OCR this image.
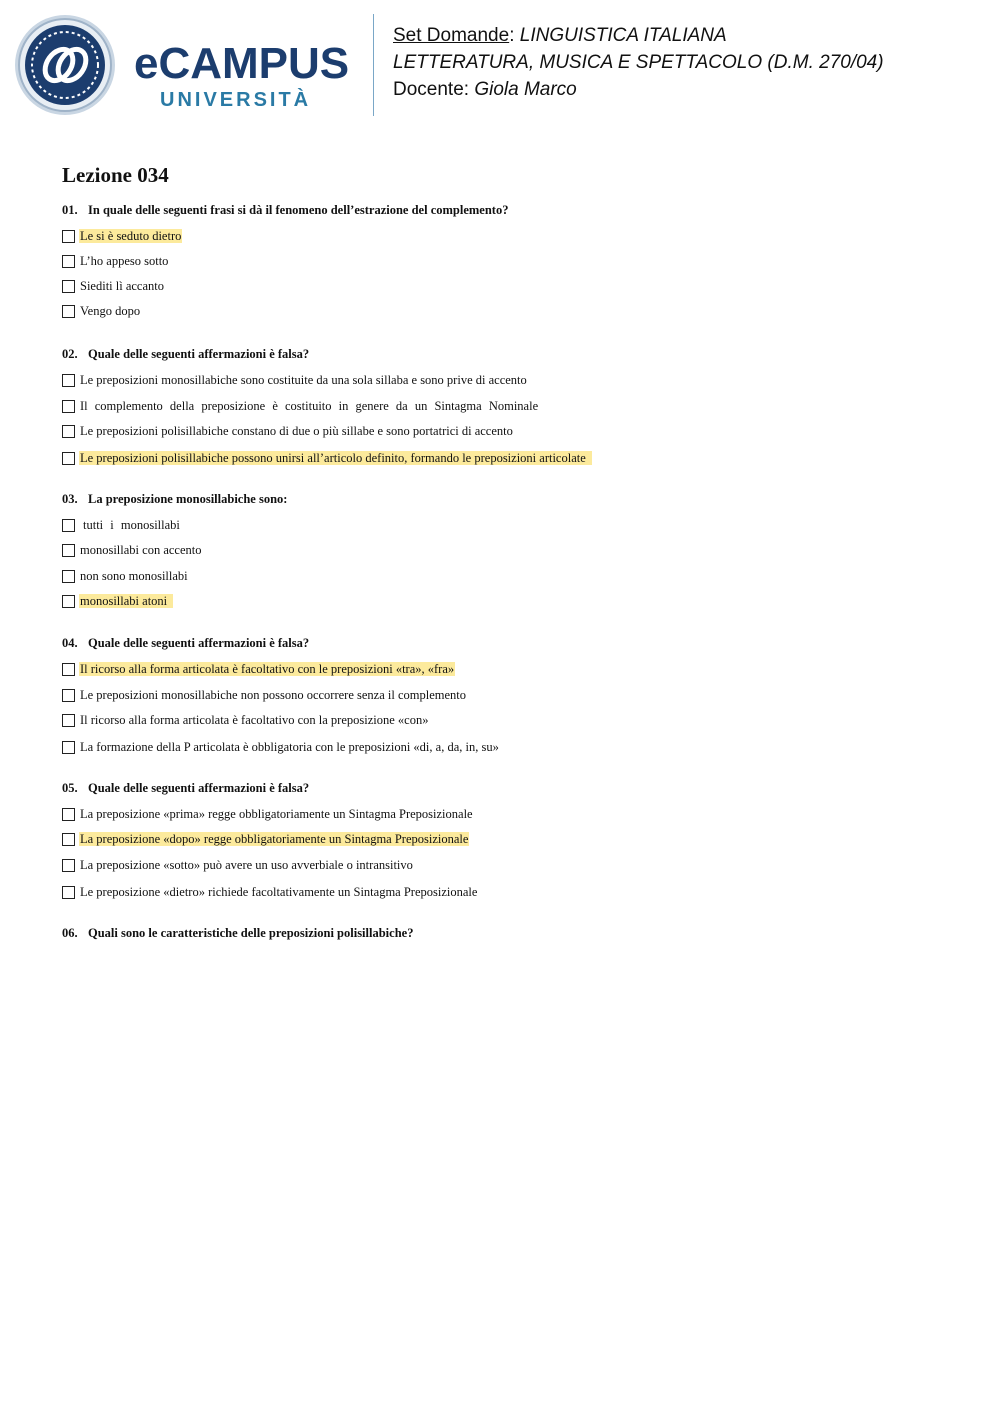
eCAMPUS
UNIVERSITÀ
Set Domande: LINGUISTICA ITALIANA
LETTERATURA, MUSICA E SPETTACOLO (D.M. 270/04)
Docente: Giola Marco
Lezione 034
01. In quale delle seguenti frasi si dà il fenomeno dell’estrazione del complemento?
Le si è seduto dietro
L’ho appeso sotto
Siediti lì accanto
Vengo dopo
02. Quale delle seguenti affermazioni è falsa?
Le preposizioni monosillabiche sono costituite da una sola sillaba e sono prive di accento
Il complemento della preposizione è costituito in genere da un Sintagma Nominale
Le preposizioni polisillabiche constano di due o più sillabe e sono portatrici di accento
Le preposizioni polisillabiche possono unirsi all’articolo definito, formando le preposizioni articolate
03. La preposizione monosillabiche sono:
tutti i monosillabi
monosillabi con accento
non sono monosillabi
monosillabi atoni
04. Quale delle seguenti affermazioni è falsa?
Il ricorso alla forma articolata è facoltativo con le preposizioni «tra», «fra»
Le preposizioni monosillabiche non possono occorrere senza il complemento
Il ricorso alla forma articolata è facoltativo con la preposizione «con»
La formazione della P articolata è obbligatoria con le preposizioni «di, a, da, in, su»
05. Quale delle seguenti affermazioni è falsa?
La preposizione «prima» regge obbligatoriamente un Sintagma Preposizionale
La preposizione «dopo» regge obbligatoriamente un Sintagma Preposizionale
La preposizione «sotto» può avere un uso avverbiale o intransitivo
Le preposizione «dietro» richiede facoltativamente un Sintagma Preposizionale
06. Quali sono le caratteristiche delle preposizioni polisillabiche?
